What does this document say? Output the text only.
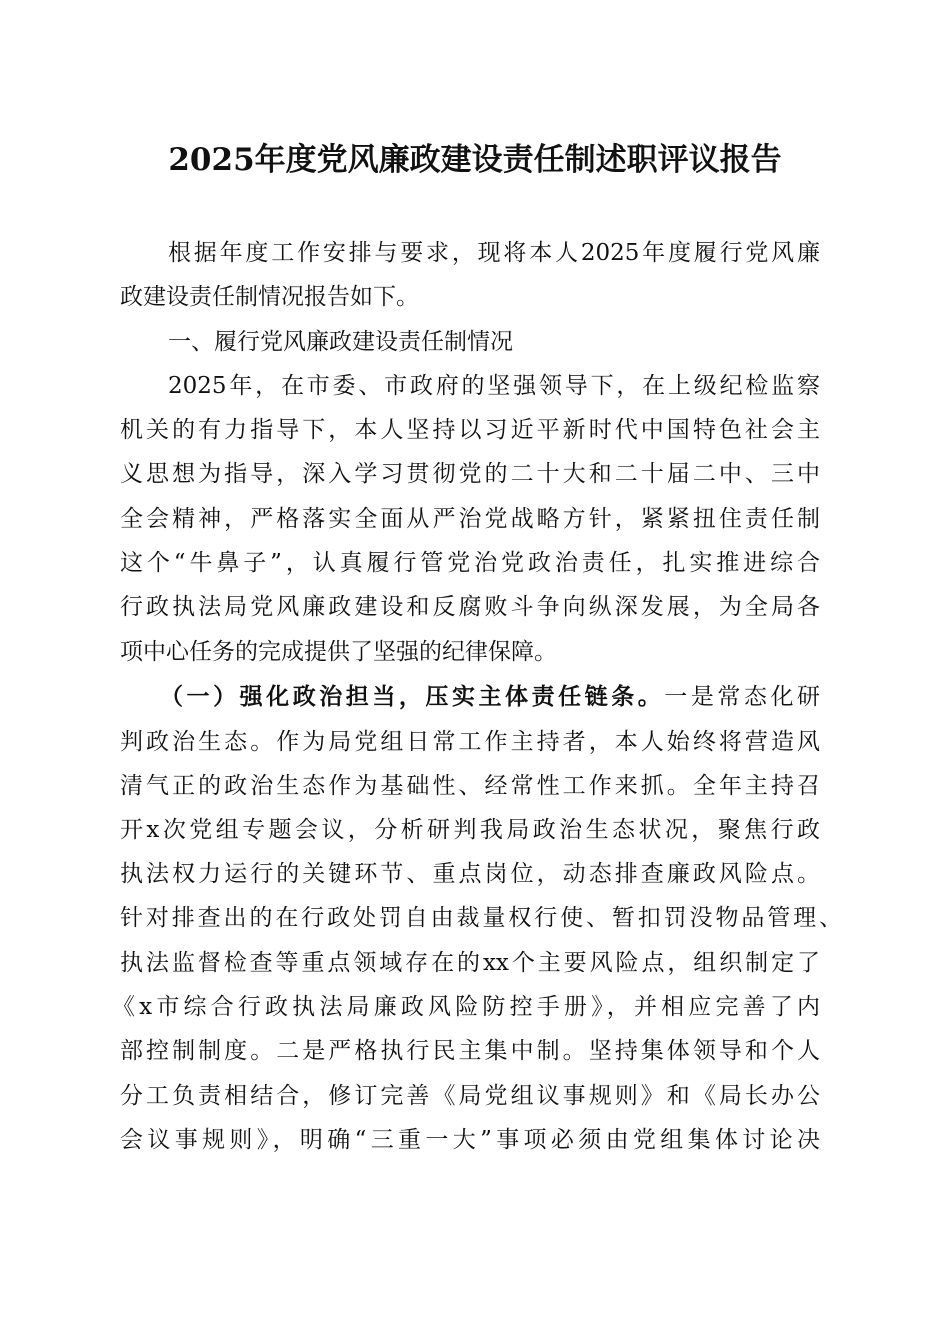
2025年度党风廉政建设责任制述职评议报告
根据年度工作安排与要求，现将本人2025年度履行党风廉
政建设责任制情况报告如下。
一、履行党风廉政建设责任制情况
2025年，在市委、市政府的坚强领导下，在上级纪检监察
机关的有力指导下，本人坚持以习近平新时代中国特色社会主
义思想为指导，深入学习贯彻党的二十大和二十届二中、三中
全会精神，严格落实全面从严治党战略方针，紧紧扭住责任制
这个“牛鼻子”，认真履行管党治党政治责任，扎实推进综合
行政执法局党风廉政建设和反腐败斗争向纵深发展，为全局各
项中心任务的完成提供了坚强的纪律保障。
（一）强化政治担当，压实主体责任链条。一是常态化研
判政治生态。作为局党组日常工作主持者，本人始终将营造风
清气正的政治生态作为基础性、经常性工作来抓。全年主持召
开x次党组专题会议，分析研判我局政治生态状况，聚焦行政
执法权力运行的关键环节、重点岗位，动态排查廉政风险点。
针对排查出的在行政处罚自由裁量权行使、暂扣罚没物品管理、
执法监督检查等重点领域存在的xx个主要风险点，组织制定了
《x市综合行政执法局廉政风险防控手册》，并相应完善了内
部控制制度。二是严格执行民主集中制。坚持集体领导和个人
分工负责相结合，修订完善《局党组议事规则》和《局长办公
会议事规则》，明确“三重一大”事项必须由党组集体讨论决
